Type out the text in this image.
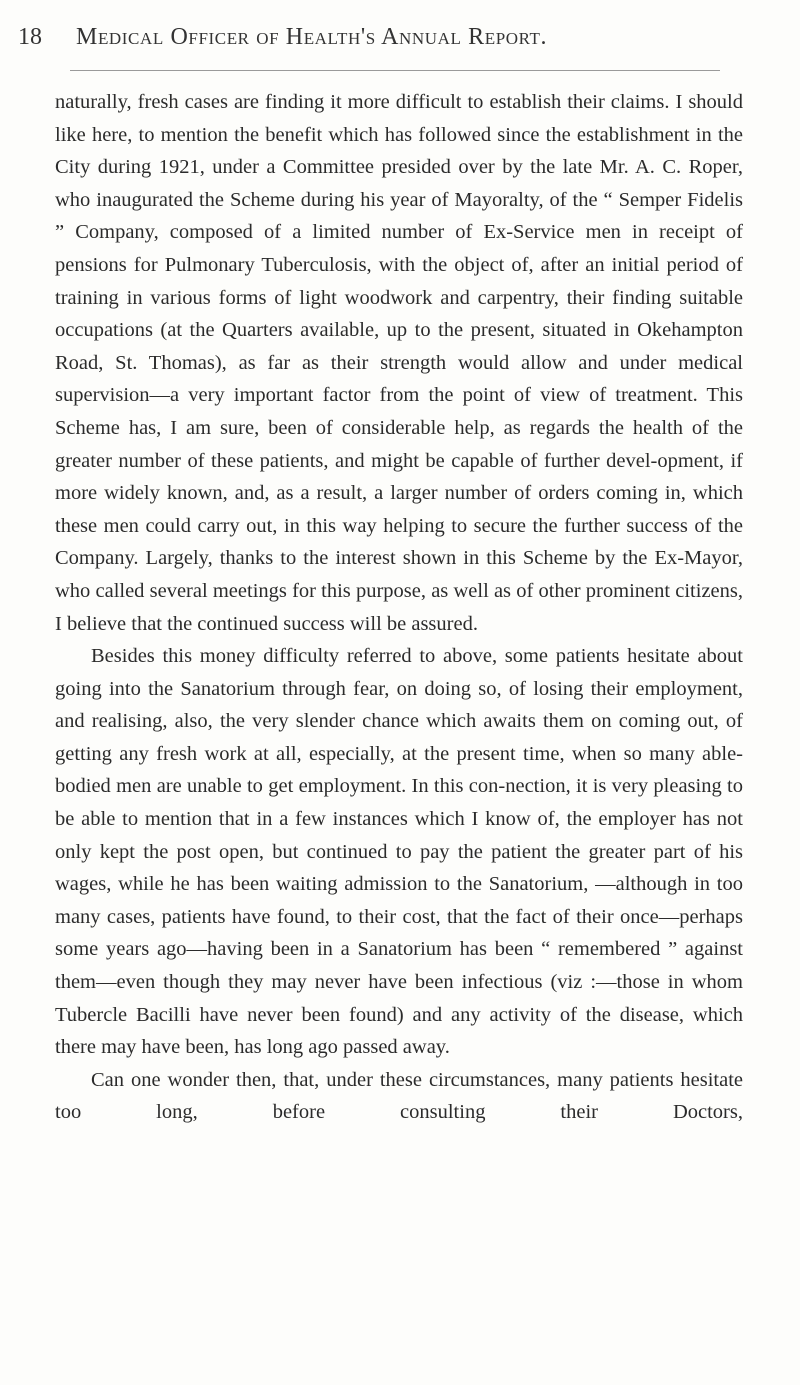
18 Medical Officer of Health's Annual Report.

naturally, fresh cases are finding it more difficult to establish their claims. I should like here, to mention the benefit which has followed since the establishment in the City during 1921, under a Committee presided over by the late Mr. A. C. Roper, who inaugurated the Scheme during his year of Mayoralty, of the “ Semper Fidelis ” Company, composed of a limited number of Ex-Service men in receipt of pensions for Pulmonary Tuberculosis, with the object of, after an initial period of training in various forms of light woodwork and carpentry, their finding suitable occupations (at the Quarters available, up to the present, situated in Okehampton Road, St. Thomas), as far as their strength would allow and under medical supervision—a very important factor from the point of view of treatment. This Scheme has, I am sure, been of considerable help, as regards the health of the greater number of these patients, and might be capable of further devel-opment, if more widely known, and, as a result, a larger number of orders coming in, which these men could carry out, in this way helping to secure the further success of the Company. Largely, thanks to the interest shown in this Scheme by the Ex-Mayor, who called several meetings for this purpose, as well as of other prominent citizens, I believe that the continued success will be assured.

Besides this money difficulty referred to above, some patients hesitate about going into the Sanatorium through fear, on doing so, of losing their employment, and realising, also, the very slender chance which awaits them on coming out, of getting any fresh work at all, especially, at the present time, when so many able-bodied men are unable to get employment. In this con-nection, it is very pleasing to be able to mention that in a few instances which I know of, the employer has not only kept the post open, but continued to pay the patient the greater part of his wages, while he has been waiting admission to the Sanatorium, —although in too many cases, patients have found, to their cost, that the fact of their once—perhaps some years ago—having been in a Sanatorium has been “ remembered ” against them—even though they may never have been infectious (viz :—those in whom Tubercle Bacilli have never been found) and any activity of the disease, which there may have been, has long ago passed away.

Can one wonder then, that, under these circumstances, many patients hesitate too long, before consulting their Doctors,
